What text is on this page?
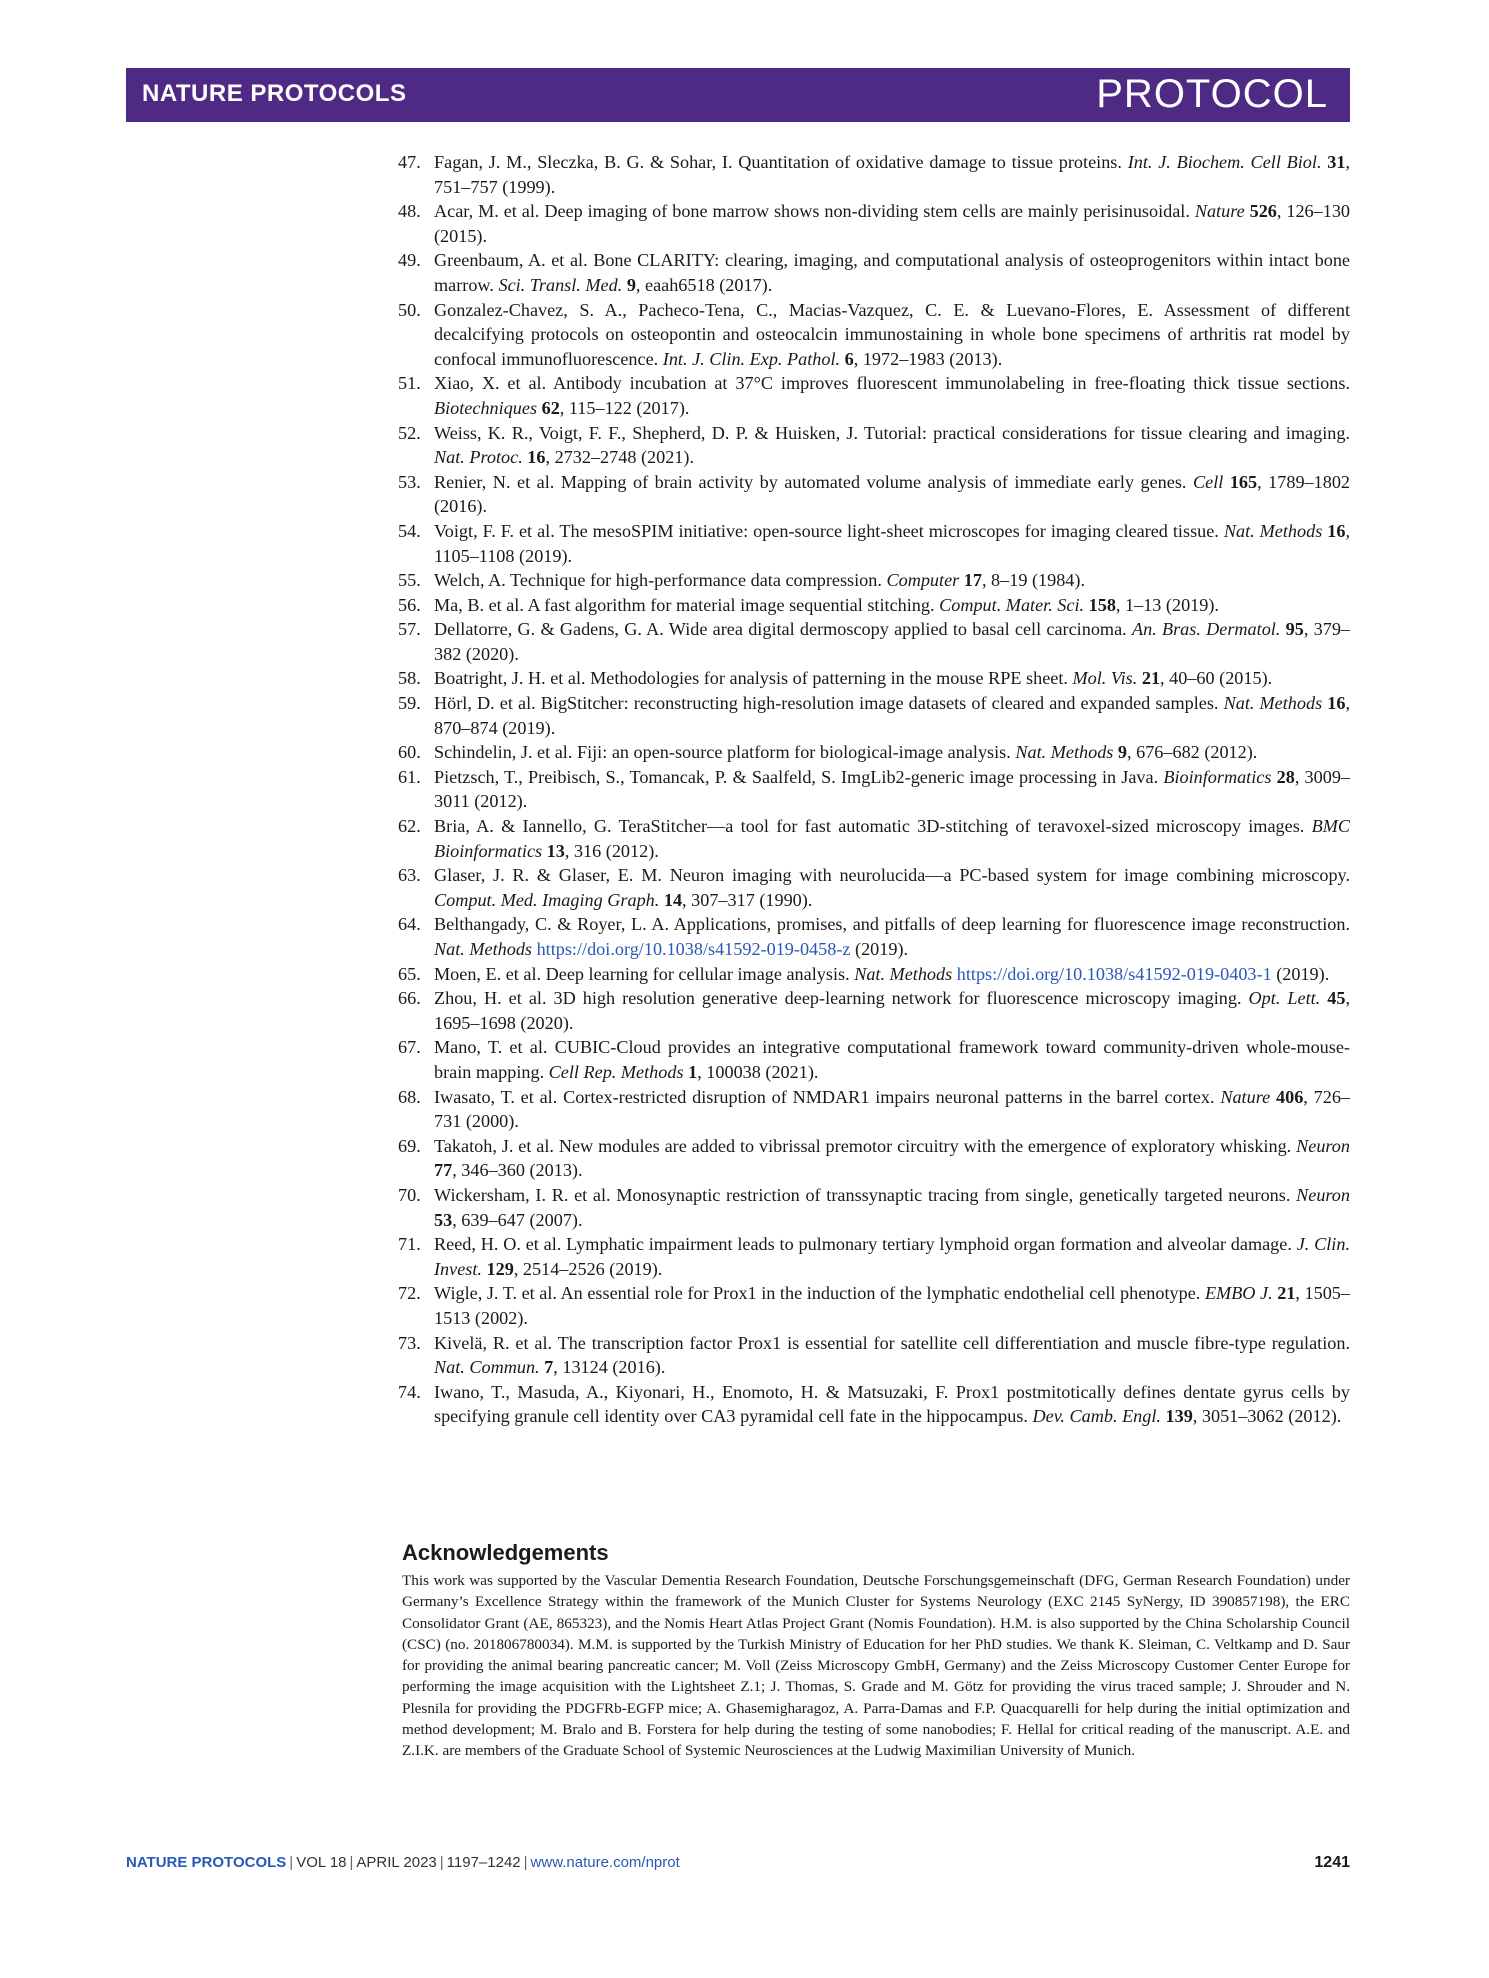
NATURE PROTOCOLS	PROTOCOL
47. Fagan, J. M., Sleczka, B. G. & Sohar, I. Quantitation of oxidative damage to tissue proteins. Int. J. Biochem. Cell Biol. 31, 751–757 (1999).
48. Acar, M. et al. Deep imaging of bone marrow shows non-dividing stem cells are mainly perisinusoidal. Nature 526, 126–130 (2015).
49. Greenbaum, A. et al. Bone CLARITY: clearing, imaging, and computational analysis of osteoprogenitors within intact bone marrow. Sci. Transl. Med. 9, eaah6518 (2017).
50. Gonzalez-Chavez, S. A., Pacheco-Tena, C., Macias-Vazquez, C. E. & Luevano-Flores, E. Assessment of different decalcifying protocols on osteopontin and osteocalcin immunostaining in whole bone specimens of arthritis rat model by confocal immunofluorescence. Int. J. Clin. Exp. Pathol. 6, 1972–1983 (2013).
51. Xiao, X. et al. Antibody incubation at 37°C improves fluorescent immunolabeling in free-floating thick tissue sections. Biotechniques 62, 115–122 (2017).
52. Weiss, K. R., Voigt, F. F., Shepherd, D. P. & Huisken, J. Tutorial: practical considerations for tissue clearing and imaging. Nat. Protoc. 16, 2732–2748 (2021).
53. Renier, N. et al. Mapping of brain activity by automated volume analysis of immediate early genes. Cell 165, 1789–1802 (2016).
54. Voigt, F. F. et al. The mesoSPIM initiative: open-source light-sheet microscopes for imaging cleared tissue. Nat. Methods 16, 1105–1108 (2019).
55. Welch, A. Technique for high-performance data compression. Computer 17, 8–19 (1984).
56. Ma, B. et al. A fast algorithm for material image sequential stitching. Comput. Mater. Sci. 158, 1–13 (2019).
57. Dellatorre, G. & Gadens, G. A. Wide area digital dermoscopy applied to basal cell carcinoma. An. Bras. Dermatol. 95, 379–382 (2020).
58. Boatright, J. H. et al. Methodologies for analysis of patterning in the mouse RPE sheet. Mol. Vis. 21, 40–60 (2015).
59. Hörl, D. et al. BigStitcher: reconstructing high-resolution image datasets of cleared and expanded samples. Nat. Methods 16, 870–874 (2019).
60. Schindelin, J. et al. Fiji: an open-source platform for biological-image analysis. Nat. Methods 9, 676–682 (2012).
61. Pietzsch, T., Preibisch, S., Tomancak, P. & Saalfeld, S. ImgLib2-generic image processing in Java. Bioinformatics 28, 3009–3011 (2012).
62. Bria, A. & Iannello, G. TeraStitcher—a tool for fast automatic 3D-stitching of teravoxel-sized microscopy images. BMC Bioinformatics 13, 316 (2012).
63. Glaser, J. R. & Glaser, E. M. Neuron imaging with neurolucida—a PC-based system for image combining microscopy. Comput. Med. Imaging Graph. 14, 307–317 (1990).
64. Belthangady, C. & Royer, L. A. Applications, promises, and pitfalls of deep learning for fluorescence image reconstruction. Nat. Methods https://doi.org/10.1038/s41592-019-0458-z (2019).
65. Moen, E. et al. Deep learning for cellular image analysis. Nat. Methods https://doi.org/10.1038/s41592-019-0403-1 (2019).
66. Zhou, H. et al. 3D high resolution generative deep-learning network for fluorescence microscopy imaging. Opt. Lett. 45, 1695–1698 (2020).
67. Mano, T. et al. CUBIC-Cloud provides an integrative computational framework toward community-driven whole-mouse-brain mapping. Cell Rep. Methods 1, 100038 (2021).
68. Iwasato, T. et al. Cortex-restricted disruption of NMDAR1 impairs neuronal patterns in the barrel cortex. Nature 406, 726–731 (2000).
69. Takatoh, J. et al. New modules are added to vibrissal premotor circuitry with the emergence of exploratory whisking. Neuron 77, 346–360 (2013).
70. Wickersham, I. R. et al. Monosynaptic restriction of transsynaptic tracing from single, genetically targeted neurons. Neuron 53, 639–647 (2007).
71. Reed, H. O. et al. Lymphatic impairment leads to pulmonary tertiary lymphoid organ formation and alveolar damage. J. Clin. Invest. 129, 2514–2526 (2019).
72. Wigle, J. T. et al. An essential role for Prox1 in the induction of the lymphatic endothelial cell phenotype. EMBO J. 21, 1505–1513 (2002).
73. Kivelä, R. et al. The transcription factor Prox1 is essential for satellite cell differentiation and muscle fibre-type regulation. Nat. Commun. 7, 13124 (2016).
74. Iwano, T., Masuda, A., Kiyonari, H., Enomoto, H. & Matsuzaki, F. Prox1 postmitotically defines dentate gyrus cells by specifying granule cell identity over CA3 pyramidal cell fate in the hippocampus. Dev. Camb. Engl. 139, 3051–3062 (2012).
Acknowledgements
This work was supported by the Vascular Dementia Research Foundation, Deutsche Forschungsgemeinschaft (DFG, German Research Foundation) under Germany’s Excellence Strategy within the framework of the Munich Cluster for Systems Neurology (EXC 2145 SyNergy, ID 390857198), the ERC Consolidator Grant (AE, 865323), and the Nomis Heart Atlas Project Grant (Nomis Foundation). H.M. is also supported by the China Scholarship Council (CSC) (no. 201806780034). M.M. is supported by the Turkish Ministry of Education for her PhD studies. We thank K. Sleiman, C. Veltkamp and D. Saur for providing the animal bearing pancreatic cancer; M. Voll (Zeiss Microscopy GmbH, Germany) and the Zeiss Microscopy Customer Center Europe for performing the image acquisition with the Lightsheet Z.1; J. Thomas, S. Grade and M. Götz for providing the virus traced sample; J. Shrouder and N. Plesnila for providing the PDGFRb-EGFP mice; A. Ghasemigharagoz, A. Parra-Damas and F.P. Quacquarelli for help during the initial optimization and method development; M. Bralo and B. Forstera for help during the testing of some nanobodies; F. Hellal for critical reading of the manuscript. A.E. and Z.I.K. are members of the Graduate School of Systemic Neurosciences at the Ludwig Maximilian University of Munich.
NATURE PROTOCOLS | VOL 18 | APRIL 2023 | 1197–1242 | www.nature.com/nprot	1241
